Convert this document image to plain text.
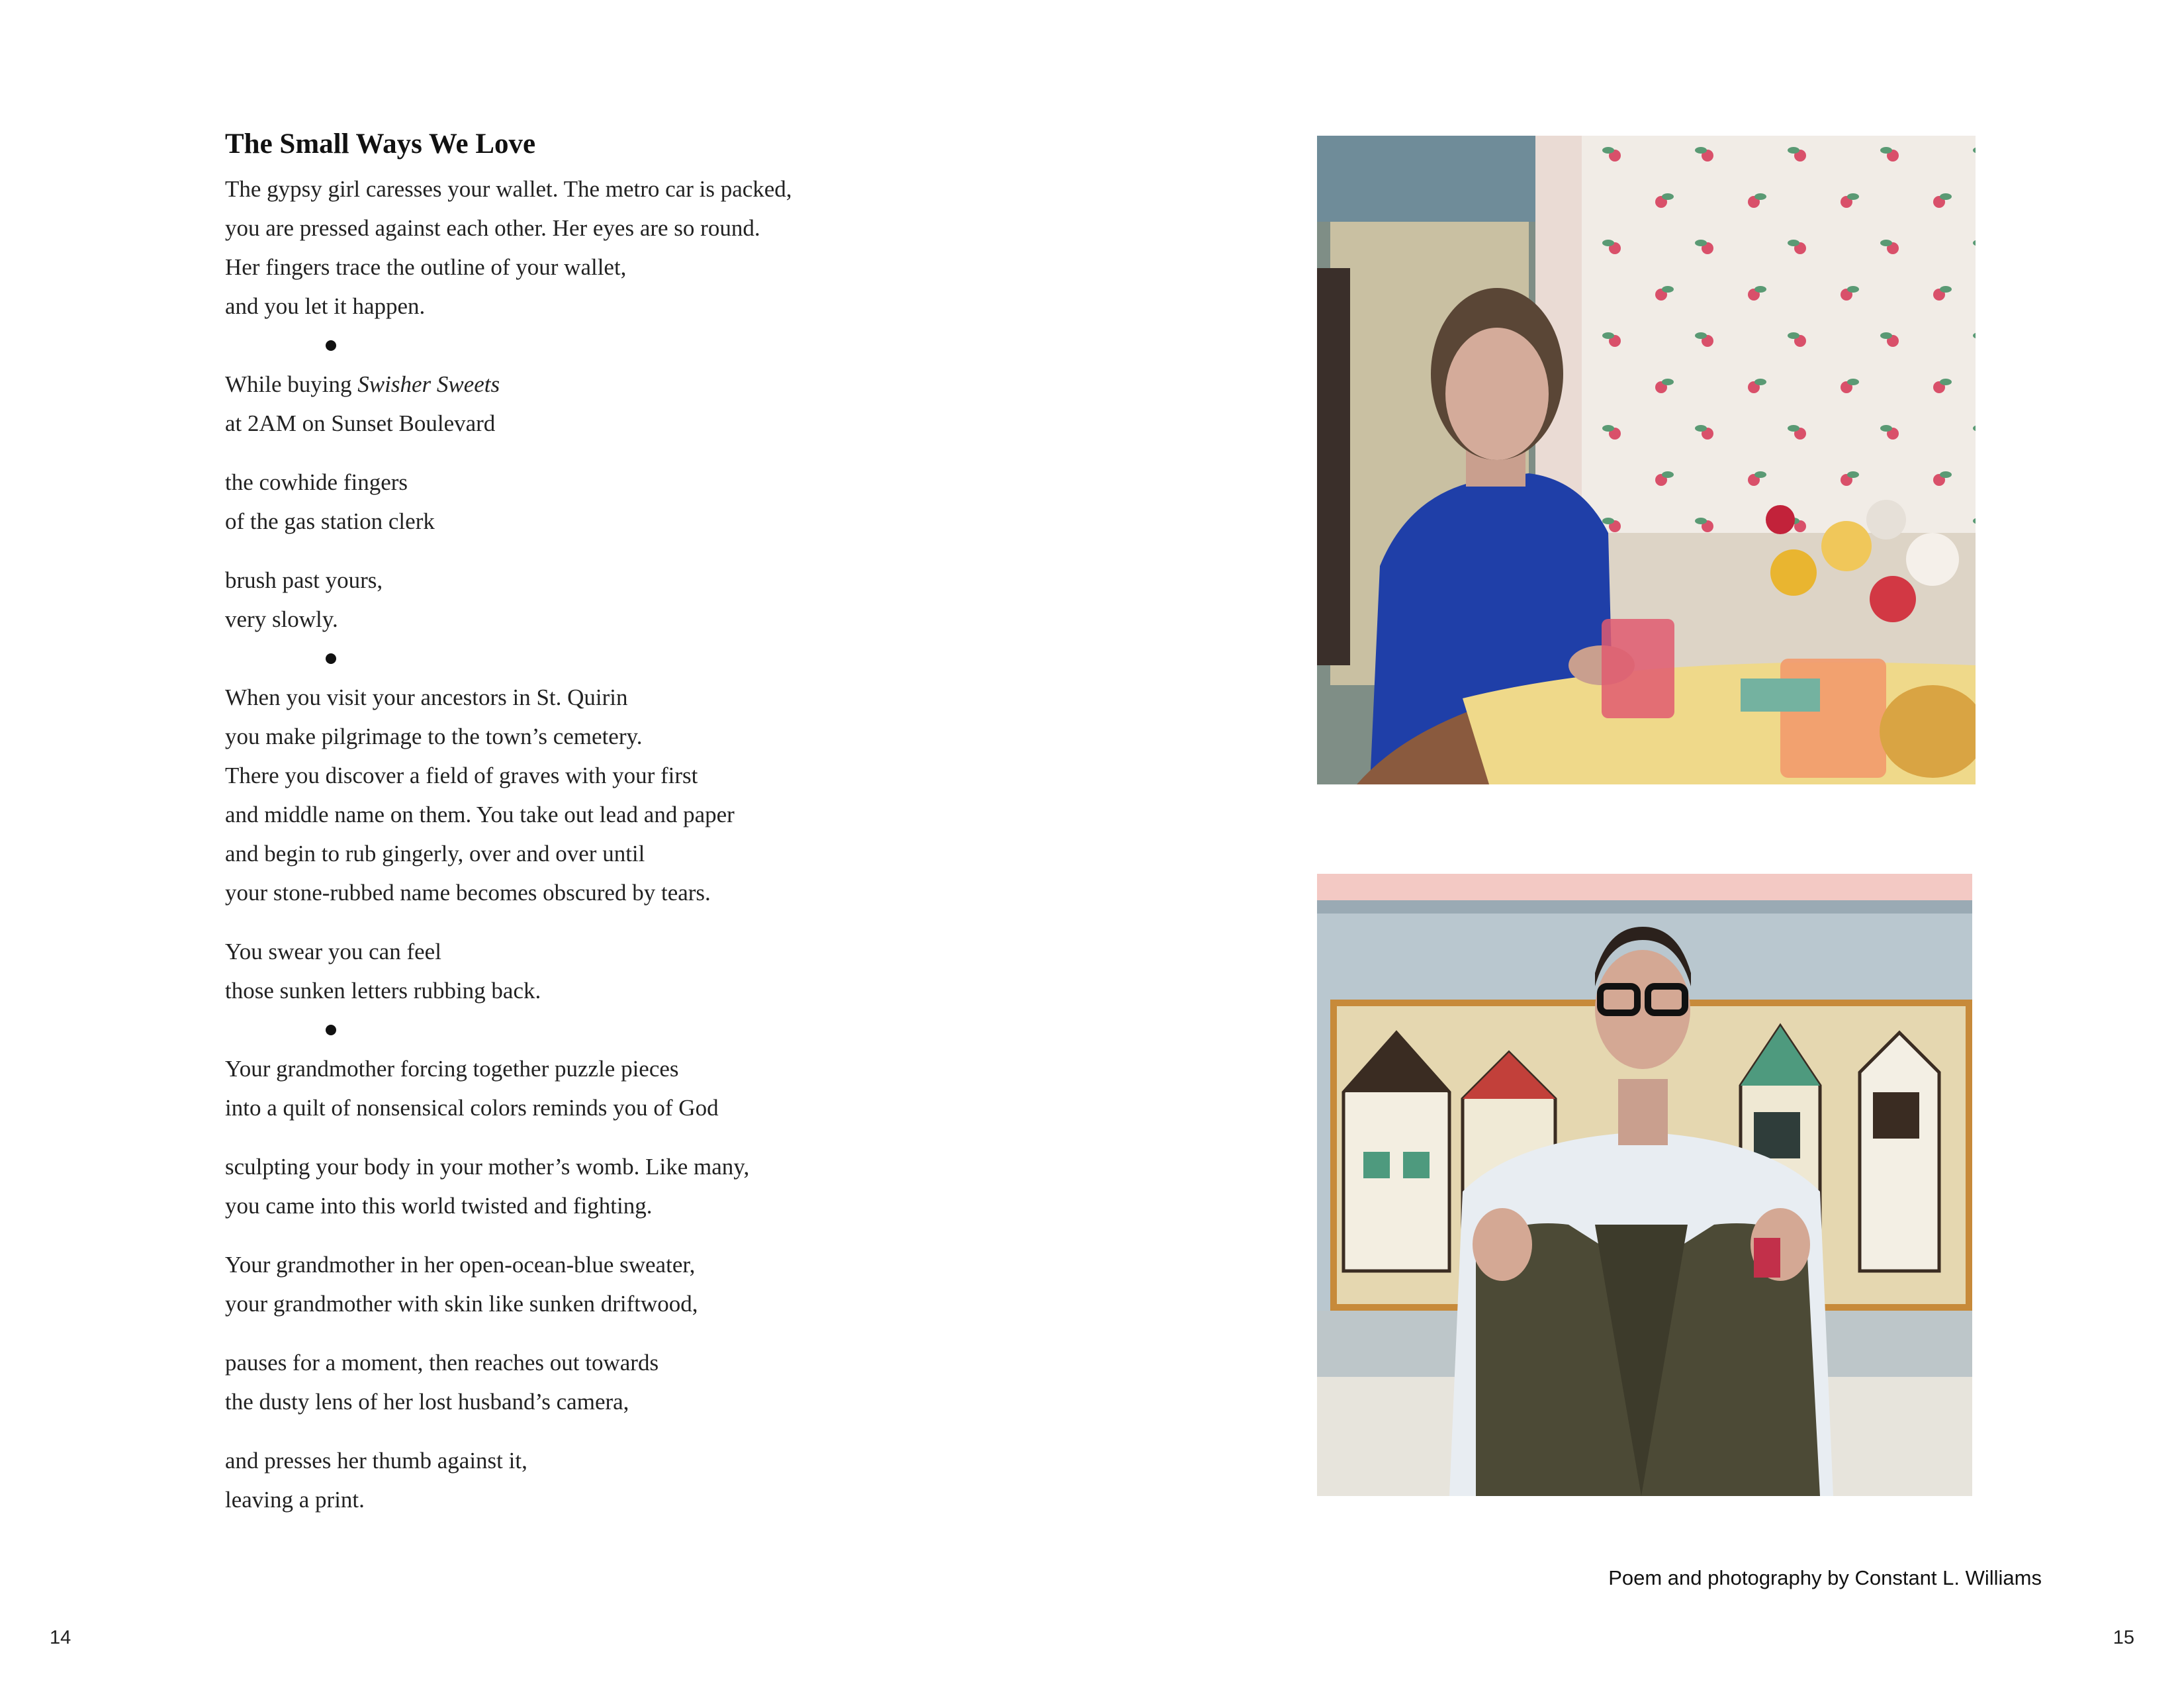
The Small Ways We Love
The gypsy girl caresses your wallet. The metro car is packed,
you are pressed against each other. Her eyes are so round.
Her fingers trace the outline of your wallet,
and you let it happen.
While buying Swisher Sweets
at 2AM on Sunset Boulevard
the cowhide fingers
of the gas station clerk
brush past yours,
very slowly.
When you visit your ancestors in St. Quirin
you make pilgrimage to the town’s cemetery.
There you discover a field of graves with your first
and middle name on them. You take out lead and paper
and begin to rub gingerly, over and over until
your stone-rubbed name becomes obscured by tears.
You swear you can feel
those sunken letters rubbing back.
Your grandmother forcing together puzzle pieces
into a quilt of nonsensical colors reminds you of God
sculpting your body in your mother’s womb. Like many,
you came into this world twisted and fighting.
Your grandmother in her open-ocean-blue sweater,
your grandmother with skin like sunken driftwood,
pauses for a moment, then reaches out towards
the dusty lens of her lost husband’s camera,
and presses her thumb against it,
leaving a print.
14
Poem and photography by Constant L. Williams
15
